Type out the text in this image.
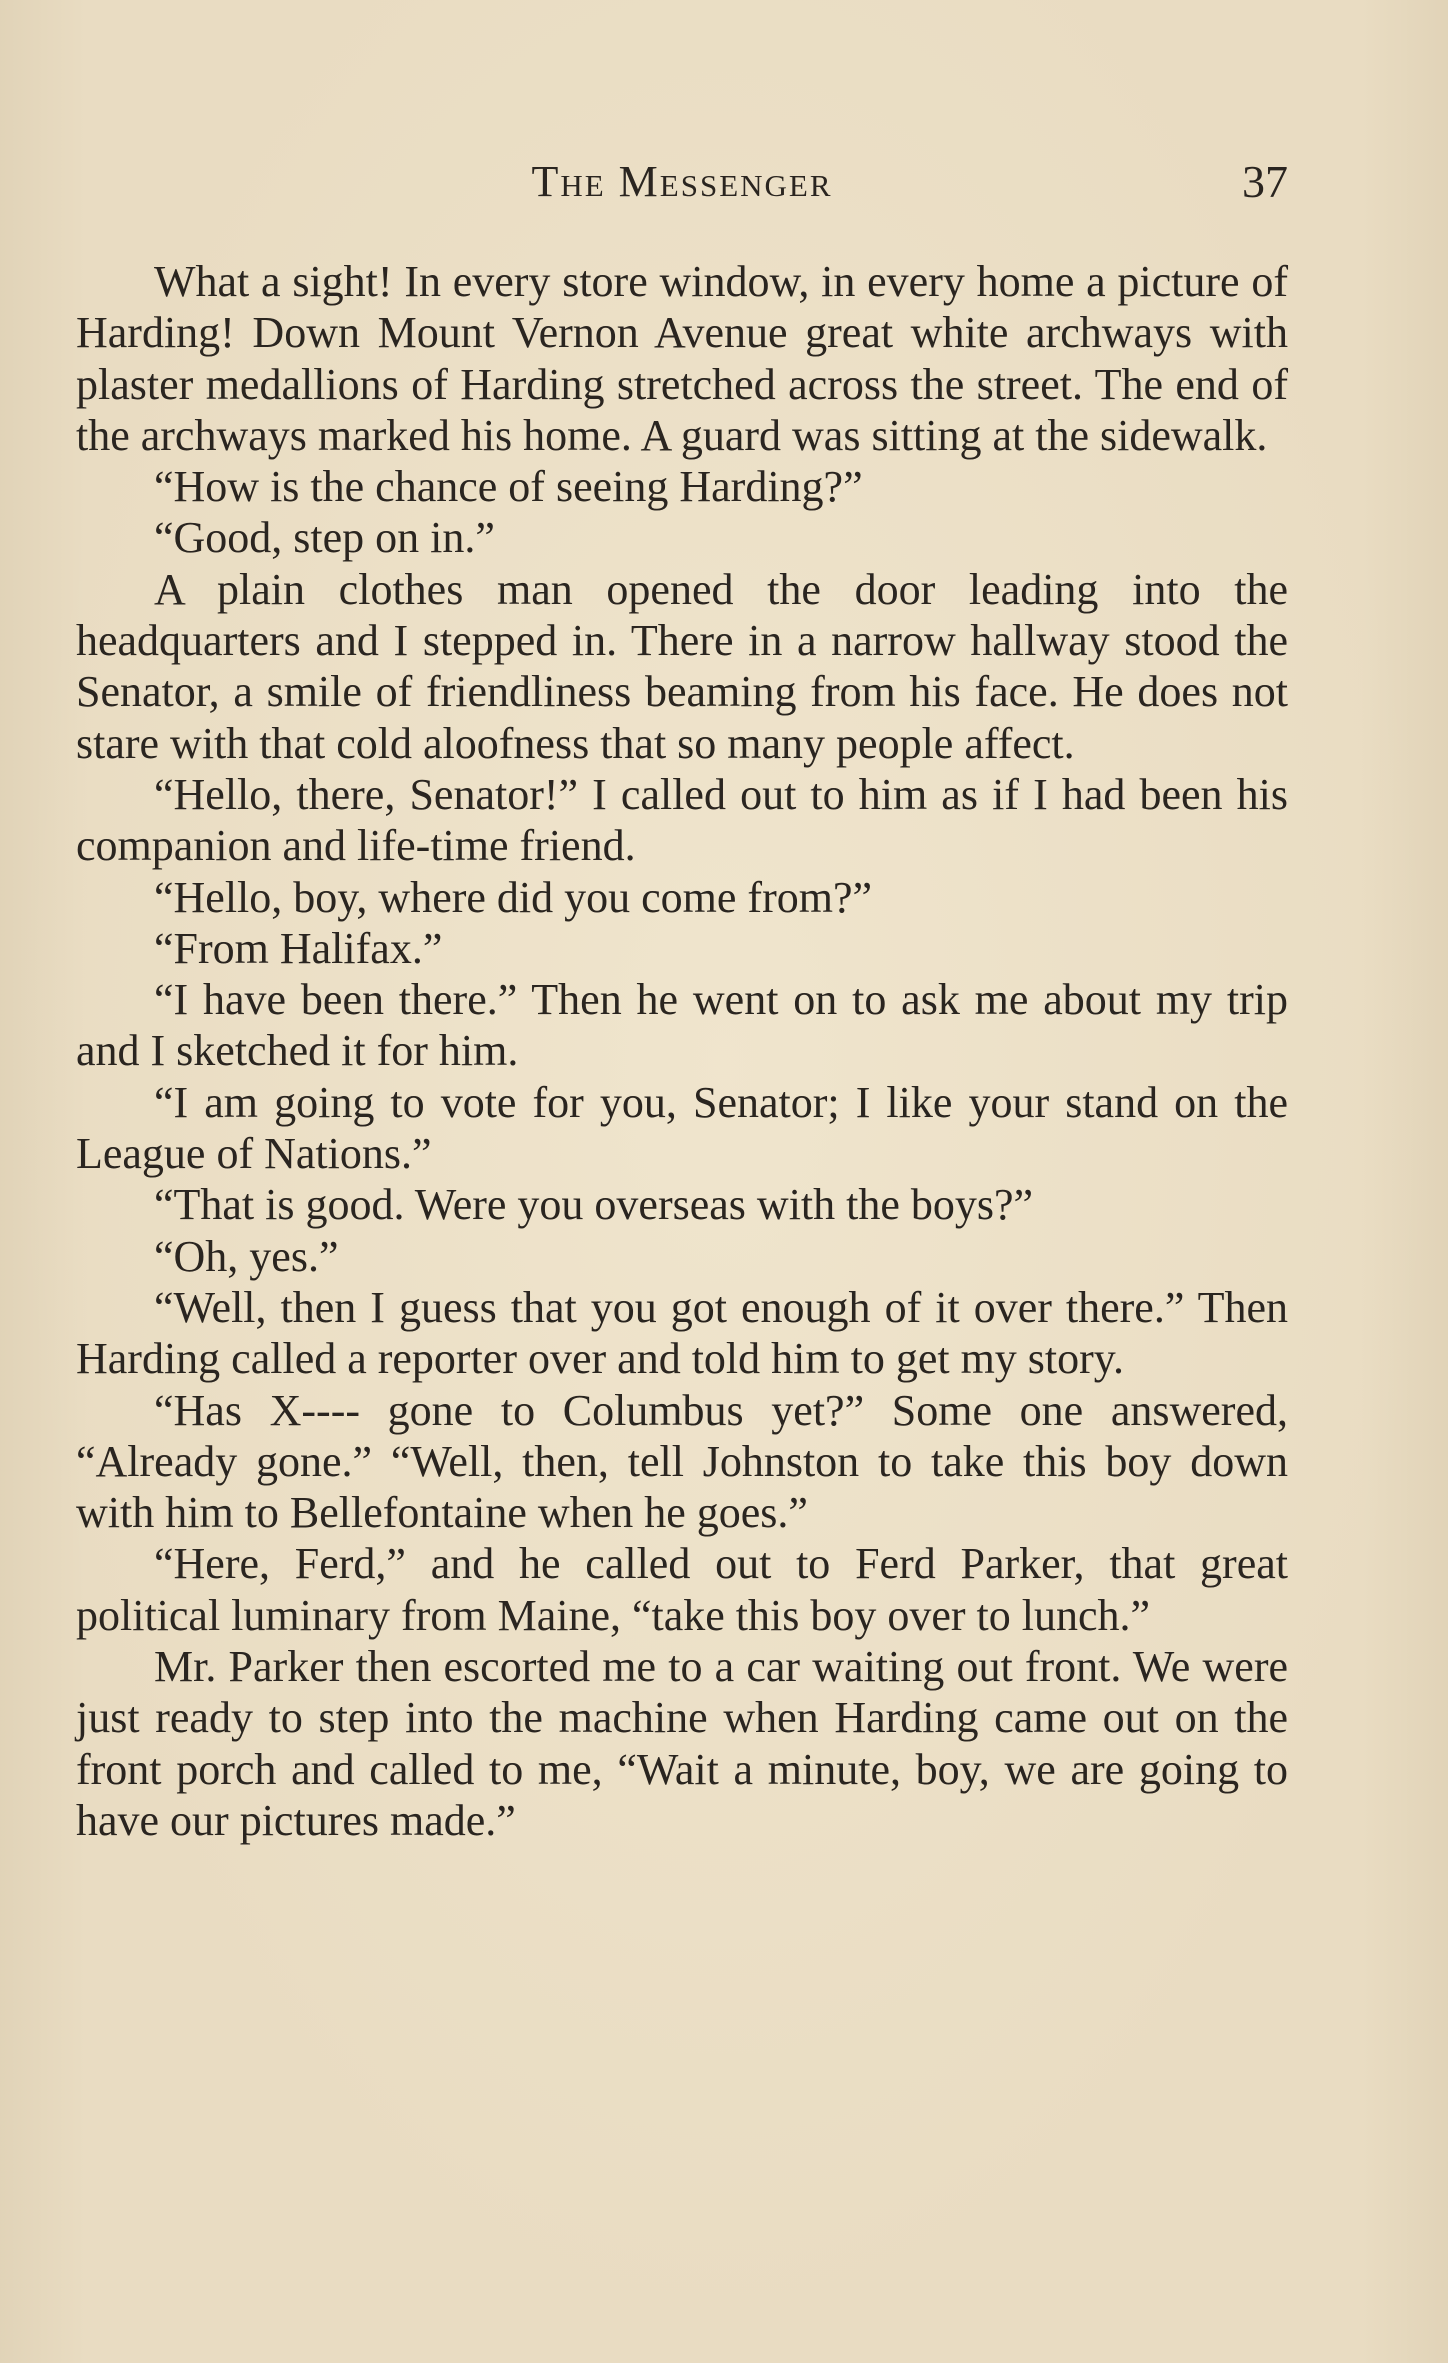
The Messenger	37

What a sight! In every store window, in every home a picture of Harding! Down Mount Vernon Avenue great white archways with plaster medallions of Harding stretched across the street. The end of the archways marked his home. A guard was sitting at the sidewalk.

“How is the chance of seeing Harding?”

“Good, step on in.”

A plain clothes man opened the door leading into the headquarters and I stepped in. There in a narrow hallway stood the Senator, a smile of friendliness beaming from his face. He does not stare with that cold aloofness that so many people affect.

“Hello, there, Senator!” I called out to him as if I had been his companion and life-time friend.

“Hello, boy, where did you come from?”

“From Halifax.”

“I have been there.” Then he went on to ask me about my trip and I sketched it for him.

“I am going to vote for you, Senator; I like your stand on the League of Nations.”

“That is good. Were you overseas with the boys?”

“Oh, yes.”

“Well, then I guess that you got enough of it over there.” Then Harding called a reporter over and told him to get my story.

“Has X---- gone to Columbus yet?” Some one answered, “Already gone.” “Well, then, tell Johnston to take this boy down with him to Bellefontaine when he goes.”

“Here, Ferd,” and he called out to Ferd Parker, that great political luminary from Maine, “take this boy over to lunch.”

Mr. Parker then escorted me to a car waiting out front. We were just ready to step into the machine when Harding came out on the front porch and called to me, “Wait a minute, boy, we are going to have our pictures made.”
